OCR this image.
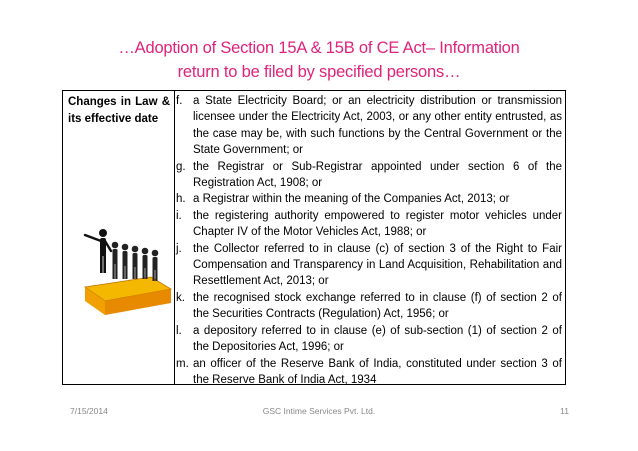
…Adoption of Section 15A & 15B of CE Act– Information
return to be filed by specified persons…
Changes in Law & its effective date
f. a State Electricity Board; or an electricity distribution or transmission licensee under the Electricity Act, 2003, or any other entity entrusted, as the case may be, with such functions by the Central Government or the State Government; or
g. the Registrar or Sub-Registrar appointed under section 6 of the Registration Act, 1908; or
h. a Registrar within the meaning of the Companies Act, 2013; or
i. the registering authority empowered to register motor vehicles under Chapter IV of the Motor Vehicles Act, 1988; or
j. the Collector referred to in clause (c) of section 3 of the Right to Fair Compensation and Transparency in Land Acquisition, Rehabilitation and Resettlement Act, 2013; or
k. the recognised stock exchange referred to in clause (f) of section 2 of the Securities Contracts (Regulation) Act, 1956; or
l. a depository referred to in clause (e) of sub-section (1) of section 2 of the Depositories Act, 1996; or
m. an officer of the Reserve Bank of India, constituted under section 3 of the Reserve Bank of India Act, 1934
7/15/2014	GSC Intime Services Pvt. Ltd.	11
